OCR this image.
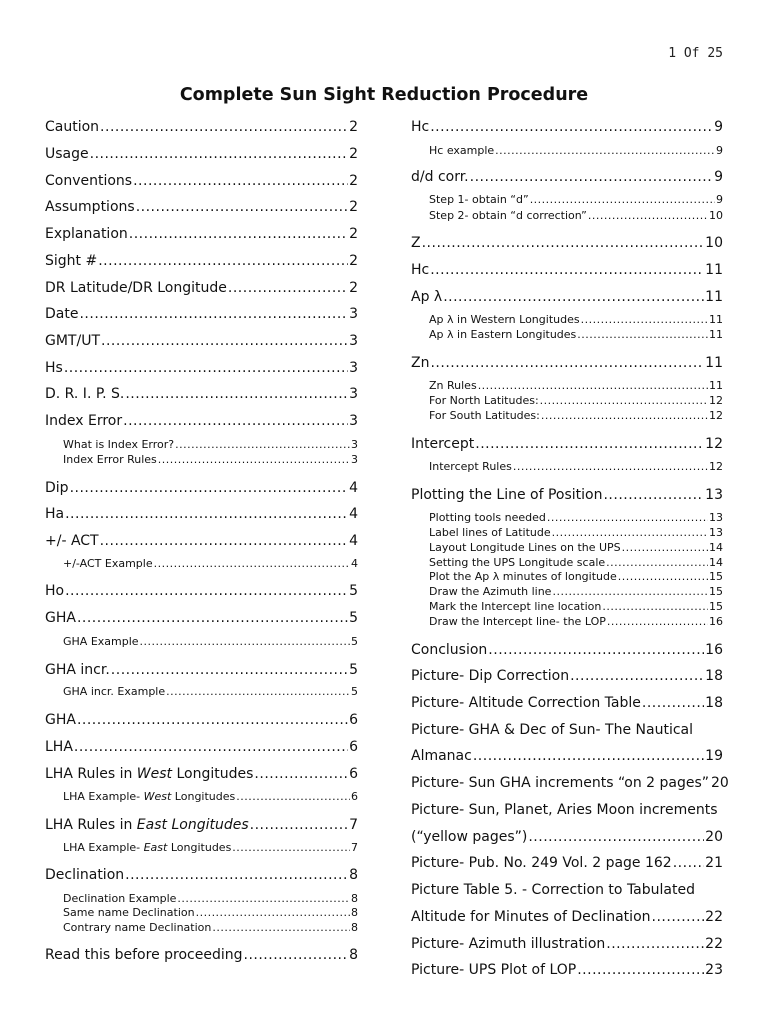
1 Of 25
Complete Sun Sight Reduction Procedure
Caution .....	2
Usage .....	2
Conventions .....	2
Assumptions .....	2
Explanation .....	2
Sight # .....	2
DR Latitude/DR Longitude .....	2
Date .....	3
GMT/UT .....	3
Hs .....	3
D. R. I. P. S. .....	3
Index Error .....	3
What is Index Error? .....	3
Index Error Rules .....	3
Dip .....	4
Ha .....	4
+/- ACT .....	4
+/-ACT Example .....	4
Ho .....	5
GHA .....	5
GHA Example .....	5
GHA incr. .....	5
GHA incr. Example .....	5
GHA .....	6
LHA .....	6
LHA Rules in West Longitudes .....	6
LHA Example- West Longitudes .....	6
LHA Rules in East Longitudes .....	7
LHA Example- East Longitudes .....	7
Declination .....	8
Declination Example .....	8
Same name Declination .....	8
Contrary name Declination .....	8
Read this before proceeding .....	8
Hc .....	9
Hc example .....	9
d/d corr. .....	9
Step 1- obtain “d” .....	9
Step 2- obtain “d correction” .....	10
Z .....	10
Hc .....	11
Ap λ .....	11
Ap λ in Western Longitudes .....	11
Ap λ in Eastern Longitudes .....	11
Zn .....	11
Zn Rules .....	11
For North Latitudes: .....	12
For South Latitudes: .....	12
Intercept .....	12
Intercept Rules .....	12
Plotting the Line of Position .....	13
Plotting tools needed .....	13
Label lines of Latitude .....	13
Layout Longitude Lines on the UPS .....	14
Setting the UPS Longitude scale .....	14
Plot the Ap λ minutes of longitude .....	15
Draw the Azimuth line .....	15
Mark the Intercept line location .....	15
Draw the Intercept line- the LOP .....	16
Conclusion .....	16
Picture- Dip Correction .....	18
Picture- Altitude Correction Table .....	18
Picture- GHA & Dec of Sun- The Nautical
Almanac .....	19
Picture- Sun GHA increments “on 2 pages” 20
Picture- Sun, Planet, Aries Moon increments
(“yellow pages”) .....	20
Picture- Pub. No. 249 Vol. 2 page 162 ..... 21
Picture Table 5. - Correction to Tabulated
Altitude for Minutes of Declination .....	22
Picture- Azimuth illustration .....	22
Picture- UPS Plot of LOP .....	23
